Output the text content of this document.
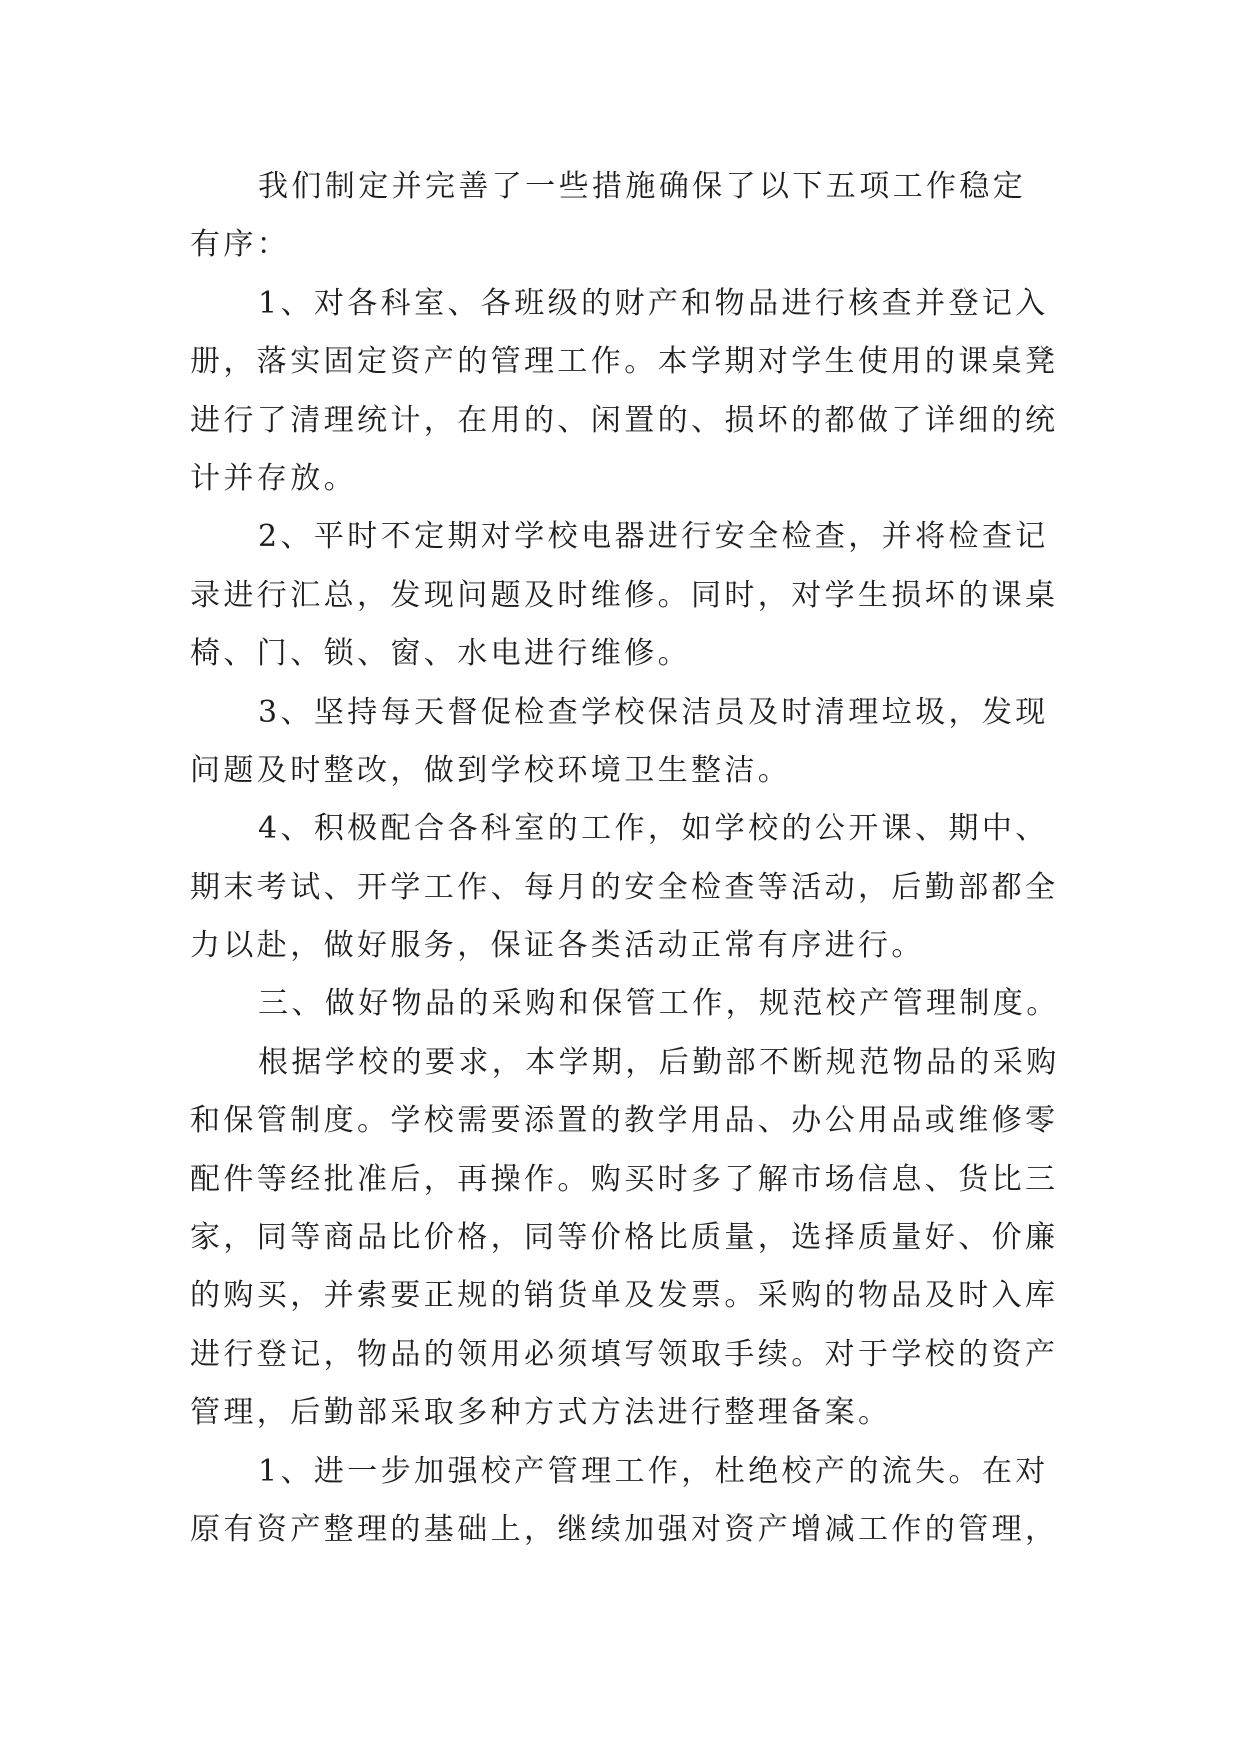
我们制定并完善了一些措施确保了以下五项工作稳定
有序：
1、对各科室、各班级的财产和物品进行核查并登记入
册，落实固定资产的管理工作。本学期对学生使用的课桌凳
进行了清理统计，在用的、闲置的、损坏的都做了详细的统
计并存放。
2、平时不定期对学校电器进行安全检查，并将检查记
录进行汇总，发现问题及时维修。同时，对学生损坏的课桌
椅、门、锁、窗、水电进行维修。
3、坚持每天督促检查学校保洁员及时清理垃圾，发现
问题及时整改，做到学校环境卫生整洁。
4、积极配合各科室的工作，如学校的公开课、期中、
期末考试、开学工作、每月的安全检查等活动，后勤部都全
力以赴，做好服务，保证各类活动正常有序进行。
三、做好物品的采购和保管工作，规范校产管理制度。
根据学校的要求，本学期，后勤部不断规范物品的采购
和保管制度。学校需要添置的教学用品、办公用品或维修零
配件等经批准后，再操作。购买时多了解市场信息、货比三
家，同等商品比价格，同等价格比质量，选择质量好、价廉
的购买，并索要正规的销货单及发票。采购的物品及时入库
进行登记，物品的领用必须填写领取手续。对于学校的资产
管理，后勤部采取多种方式方法进行整理备案。
1、进一步加强校产管理工作，杜绝校产的流失。在对
原有资产整理的基础上，继续加强对资产增减工作的管理，
